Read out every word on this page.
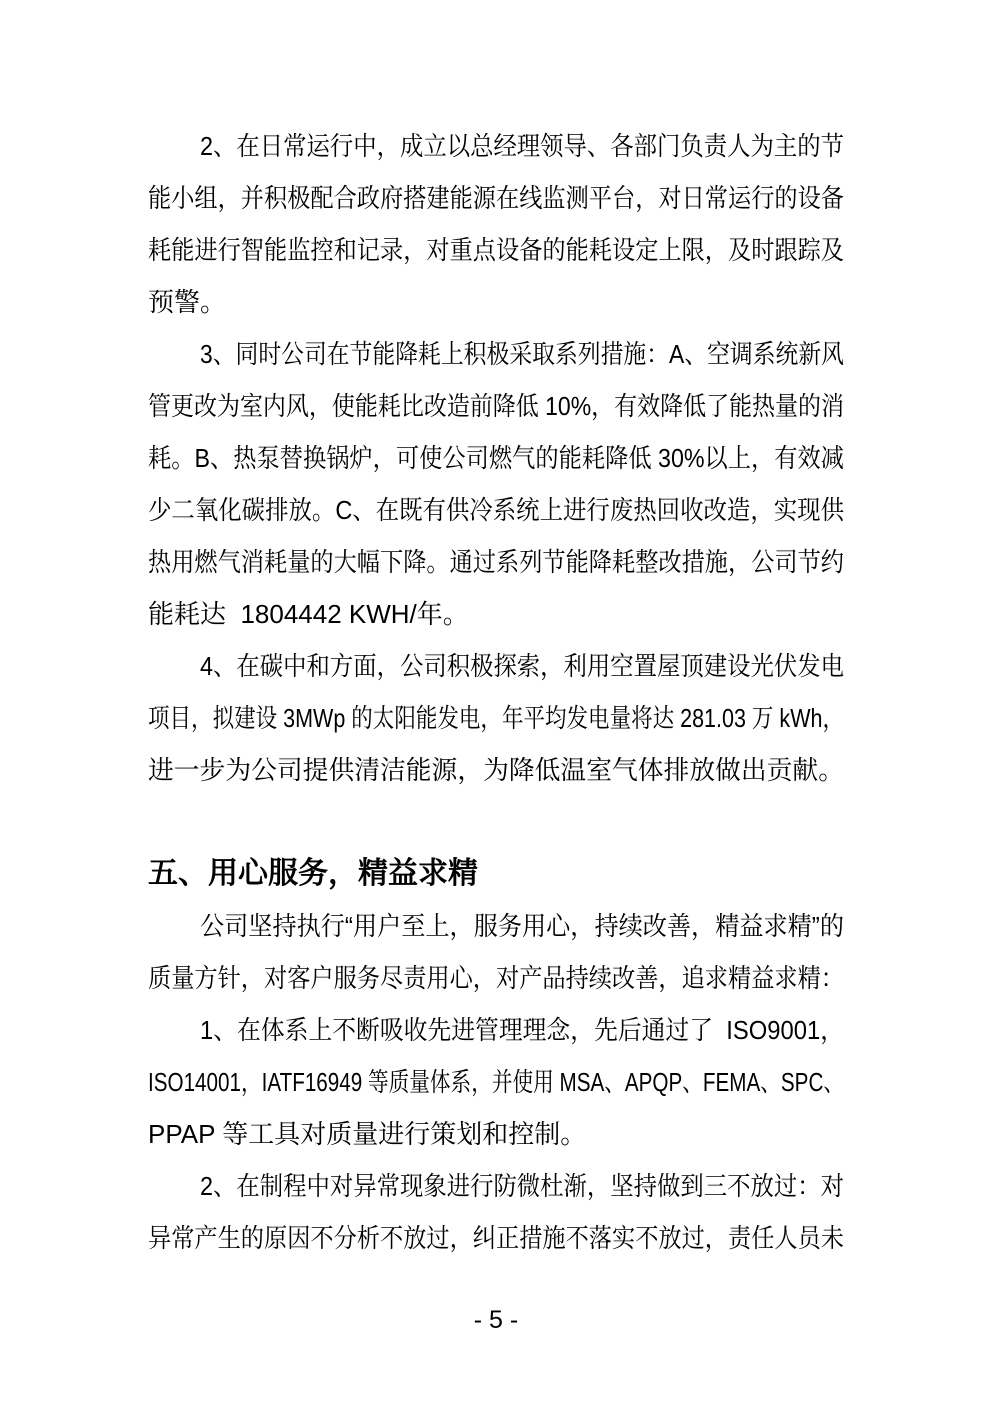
2、在日常运行中，成立以总经理领导、各部门负责人为主的节
能小组，并积极配合政府搭建能源在线监测平台，对日常运行的设备
耗能进行智能监控和记录，对重点设备的能耗设定上限，及时跟踪及
预警。

3、同时公司在节能降耗上积极采取系列措施：A、空调系统新风
管更改为室内风，使能耗比改造前降低 10%，有效降低了能热量的消
耗。B、热泵替换锅炉，可使公司燃气的能耗降低 30%以上，有效减
少二氧化碳排放。C、在既有供冷系统上进行废热回收改造，实现供
热用燃气消耗量的大幅下降。通过系列节能降耗整改措施，公司节约
能耗达  1804442 KWH/年。

4、在碳中和方面，公司积极探索，利用空置屋顶建设光伏发电
项目，拟建设 3MWp 的太阳能发电，年平均发电量将达 281.03 万 kWh，
进一步为公司提供清洁能源，为降低温室气体排放做出贡献。

五、用心服务，精益求精

公司坚持执行“用户至上，服务用心，持续改善，精益求精”的
质量方针，对客户服务尽责用心，对产品持续改善，追求精益求精：

1、在体系上不断吸收先进管理理念，先后通过了  ISO9001，
ISO14001，IATF16949 等质量体系，并使用 MSA、APQP、FEMA、SPC、
PPAP 等工具对质量进行策划和控制。

2、在制程中对异常现象进行防微杜渐，坚持做到三不放过：对
异常产生的原因不分析不放过，纠正措施不落实不放过，责任人员未

- 5 -
